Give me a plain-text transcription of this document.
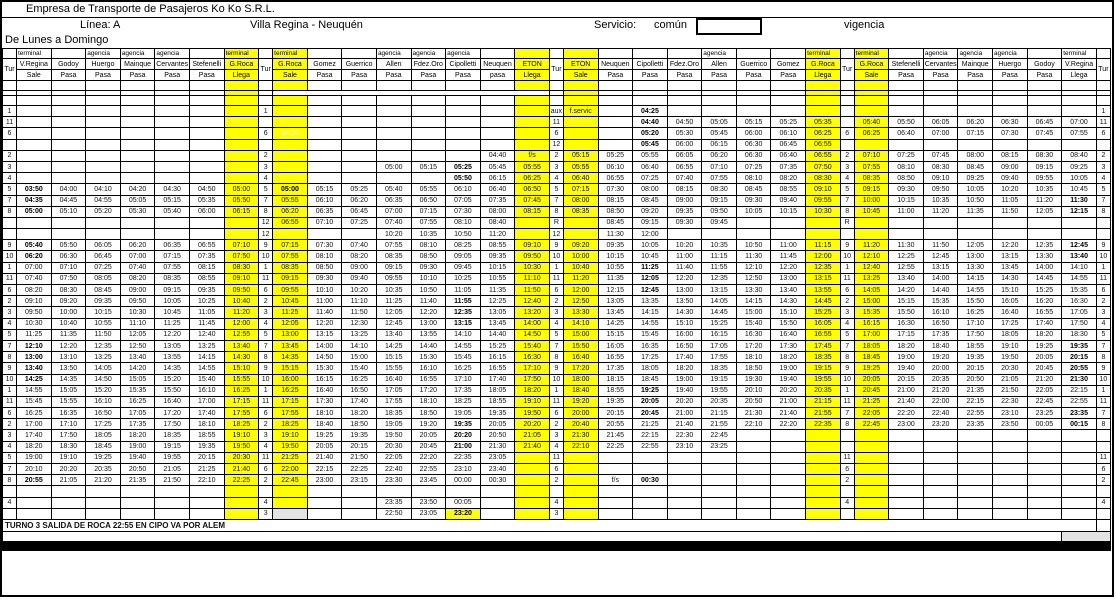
Empresa de Transporte de Pasajeros Ko Ko S.R.L.
Línea: A	Villa Regina - Neuquén	Servicio: común	vigencia
De Lunes a Domingo
	terminal		agencia	agencia	agencia		terminal		terminal			agencia	agencia	agencia								agencia			terminal		terminal		agencia	agencia	agencia		terminal	
Tur	V.Regina	Godoy	Huergo	Mainque	Cervantes	Stefenelli	G.Roca	Tur	G.Roca	Gomez	Guerrico	Allen	Fdez.Oro	Cipolletti	Neuquen	ETON	Tur	ETON	Neuquen	Cipolletti	Fdez.Oro	Allen	Guerrico	Gomez	G.Roca	Tur	G.Roca	Stefenelli	Cervantes	Mainque	Huergo	Godoy	V.Regina	Tur
	Sale	Pasa	Pasa	Pasa	Pasa	Pasa	Llega		Sale	Pasa	Pasa	Pasa	Pasa	Pasa	pasa	Llega		Sale	Pasa	Pasa	Pasa	Pasa	Pasa	Pasa	Llega		Sale	Pasa	Pasa	Pasa	Pasa	Pasa	Llega	

1								1									aux	f.servic		04:25														1
11																	11			04:40	04:50	05:05	05:15	05:25	05:35		05:40	05:50	06:05	06:20	06:30	06:45	07:00	11
6								6	04:00								6			05:20	05:30	05:45	06:00	06:10	06:25	6	06:25	06:40	07:00	07:15	07:30	07:45	07:55	6
																	12			05:45	06:00	06:15	06:30	06:45	06:55									
2								2							04:40	f/s	2	05:15	05:25	05:55	06:05	06:20	06:30	06:40	06:55	2	07:10	07:25	07:45	08:00	08:15	08:30	08:40	2
3								3				05:00	05:15	05:25	05:45	05:55	3	05:55	06:10	06:40	06:55	07:10	07:25	07:35	07:50	3	07:55	08:10	08:30	08:45	09:00	09:15	09:25	3
4								4						05:50	06:15	06:25	4	06:40	06:55	07:25	07:40	07:55	08:10	08:20	08:30	4	08:35	08:50	09:10	09:25	09:40	09:55	10:05	4
5	03:50	04:00	04:10	04:20	04:30	04:50	05:00	5	05:00	05:15	05:25	05:40	05:55	06:10	06:40	06:50	5	07:15	07:30	08:00	08:15	08:30	08:45	08:55	09:10	5	09:15	09:30	09:50	10:05	10:20	10:35	10:45	5
7	04:35	04:45	04:55	05:05	05:15	05:35	05:50	7	05:55	06:10	06:20	06:35	06:50	07:05	07:35	07:45	7	08:00	08:15	08:45	09:00	09:15	09:30	09:40	09:55	7	10:00	10:15	10:35	10:50	11:05	11:20	11:30	7
8	05:00	05:10	05:20	05:30	05:40	06:00	06:15	8	06:20	06:35	06:45	07:00	07:15	07:30	08:00	08:15	8	08:35	08:50	09:20	09:35	09:50	10:05	10:15	10:30	8	10:45	11:00	11:20	11:35	11:50	12:05	12:15	8
								12	06:55	07:10	07:25	07:40	07:55	08:10	08:40		R		08:45	09:15	09:30	09:45				R								
								12				10:20	10:35	10:50	11:20		12		11:30	12:00														
9	05:40	05:50	06:05	06:20	06:35	06:55	07:10	9	07:15	07:30	07:40	07:55	08:10	08:25	08:55	09:10	9	09:20	09:35	10:05	10:20	10:35	10:50	11:00	11:15	9	11:20	11:30	11:50	12:05	12:20	12:35	12:45	9
10	06:20	06:30	06:45	07:00	07:15	07:35	07:50	10	07:55	08:10	08:20	08:35	08:50	09:05	09:35	09:50	10	10:00	10:15	10:45	11:00	11:15	11:30	11:45	12:00	10	12:10	12:25	12:45	13:00	13:15	13:30	13:40	10
1	07:00	07:10	07:25	07:40	07:55	08:15	08:30	1	08:35	08:50	09:00	09:15	09:30	09:45	10:15	10:30	1	10:40	10:55	11:25	11:40	11:55	12:10	12:20	12:35	1	12:40	12:55	13:15	13:30	13:45	14:00	14:10	1
11	07:40	07:50	08:05	08:20	08:35	08:55	09:10	11	09:15	09:30	09:40	09:55	10:10	10:25	10:55	11:10	11	11:20	11:35	12:05	12:20	12:35	12:50	13:00	13:15	11	13:25	13:40	14:00	14:15	14:30	14:45	14:55	11
6	08:20	08:30	08:45	09:00	09:15	09:35	09:50	6	09:55	10:10	10:20	10:35	10:50	11:05	11:35	11:50	6	12:00	12:15	12:45	13:00	13:15	13:30	13:40	13:55	6	14:05	14:20	14:40	14:55	15:10	15:25	15:35	6
2	09:10	09:20	09:35	09:50	10:05	10:25	10:40	2	10:45	11:00	11:10	11:25	11:40	11:55	12:25	12:40	2	12:50	13:05	13:35	13:50	14:05	14:15	14:30	14:45	2	15:00	15:15	15:35	15:50	16:05	16:20	16:30	2
3	09:50	10:00	10:15	10:30	10:45	11:05	11:20	3	11:25	11:40	11:50	12:05	12:20	12:35	13:05	13:20	3	13:30	13:45	14:15	14:30	14:45	15:00	15:10	15:25	3	15:35	15:50	16:10	16:25	16:40	16:55	17:05	3
4	10:30	10:40	10:55	11:10	11:25	11:45	12:00	4	12:05	12:20	12:30	12:45	13:00	13:15	13:45	14:00	4	14:10	14:25	14:55	15:10	15:25	15:40	15:50	16:05	4	16:15	16:30	16:50	17:10	17:25	17:40	17:50	4
5	11:25	11:35	11:50	12:05	12:20	12:40	12:55	5	13:00	13:15	13:25	13:40	13:55	14:10	14:40	14:50	5	15:00	15:15	15:45	16:00	16:15	16:30	16:40	16:55	5	17:00	17:15	17:35	17:50	18:05	18:20	18:30	5
7	12:10	12:20	12:35	12:50	13:05	13:25	13:40	7	13:45	14:00	14:10	14:25	14:40	14:55	15:25	15:40	7	15:50	16:05	16:35	16:50	17:05	17:20	17:30	17:45	7	18:05	18:20	18:40	18:55	19:10	19:25	19:35	7
8	13:00	13:10	13:25	13:40	13:55	14:15	14:30	8	14:35	14:50	15:00	15:15	15:30	15:45	16:15	16:30	8	16:40	16:55	17:25	17:40	17:55	18:10	18:20	18:35	8	18:45	19:00	19:20	19:35	19:50	20:05	20:15	8
9	13:40	13:50	14:05	14:20	14:35	14:55	15:10	9	15:15	15:30	15:40	15:55	16:10	16:25	16:55	17:10	9	17:20	17:35	18:05	18:20	18:35	18:50	19:00	19:15	9	19:25	19:40	20:00	20:15	20:30	20:45	20:55	9
10	14:25	14:35	14:50	15:05	15:20	15:40	15:55	10	16:00	16:15	16:25	16:40	16:55	17:10	17:40	17:50	10	18:00	18:15	18:45	19:00	19:15	19:30	19:40	19:55	10	20:05	20:15	20:35	20:50	21:05	21:20	21:30	10
1	14:55	15:05	15:20	15:35	15:50	16:10	16:25	1	16:25	16:40	16:50	17:05	17:20	17:35	18:05	18:20	1	18:40	18:55	19:25	19:40	19:55	20:10	20:20	20:35	1	20:45	21:00	21:20	21:35	21:50	22:05	22:15	1
11	15:45	15:55	16:10	16:25	16:40	17:00	17:15	11	17:15	17:30	17:40	17:55	18:10	18:25	18:55	19:10	11	19:20	19:35	20:05	20:20	20:35	20:50	21:00	21:15	11	21:25	21:40	22:00	22:15	22:30	22:45	22:55	11
6	16:25	16:35	16:50	17:05	17:20	17:40	17:55	6	17:55	18:10	18:20	18:35	18:50	19:05	19:35	19:50	6	20:00	20:15	20:45	21:00	21:15	21:30	21:40	21:55	7	22:05	22:20	22:40	22:55	23:10	23:25	23:35	7
2	17:00	17:10	17:25	17:35	17:50	18:10	18:25	2	18:25	18:40	18:50	19:05	19:20	19:35	20:05	20:20	2	20:40	20:55	21:25	21:40	21:55	22:10	22:20	22:35	8	22:45	23:00	23:20	23:35	23:50	00:05	00:15	8
3	17:40	17:50	18:05	18:20	18:35	18:55	19:10	3	19:10	19:25	19:35	19:50	20:05	20:20	20:50	21:05	3	21:30	21:45	22:15	22:30	22:45												
4	18:20	18:30	18:45	19:00	19:15	19:35	19:50	4	19:50	20:05	20:15	20:30	20:45	21:00	21:30	21:40	4	22:10	22:25	22:55	23:10	23:25												
5	19:00	19:10	19:25	19:40	19:55	20:15	20:30	11	21:25	21:40	21:50	22:05	22:20	22:35	23:05		11									11								11
7	20:10	20:20	20:35	20:50	21:05	21:25	21:40	6	22:00	22:15	22:25	22:40	22:55	23:10	23:40		6									6								6
8	20:55	21:05	21:20	21:35	21:50	22:10	22:25	2	22:45	23:00	23:15	23:30	23:45	00:00	00:30		2		f/s	00:30						2								2

4								4				23:35	23:50	00:05			4									4								4
								3				22:50	23:05	23:20			3																	
TURNO 3 SALIDA DE ROCA 22:55 EN CIPO VA POR ALEM																																		
